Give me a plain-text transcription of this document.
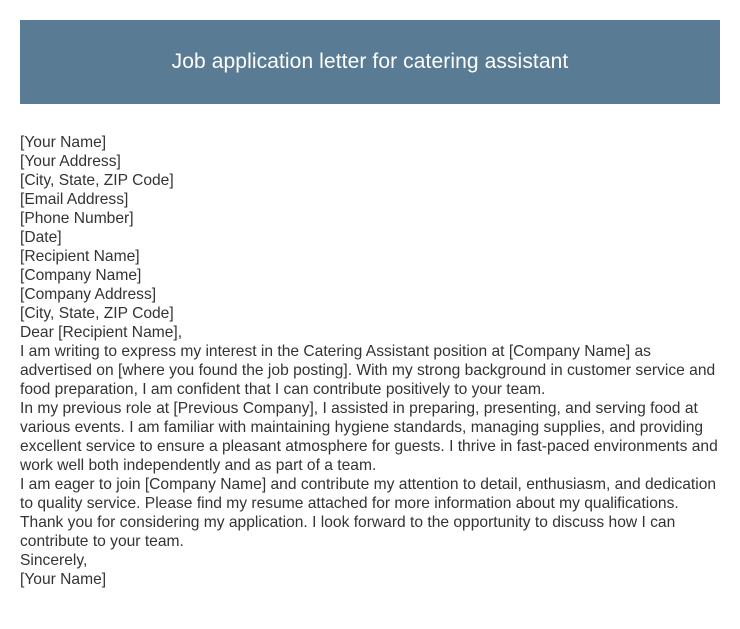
Job application letter for catering assistant
[Your Name]
[Your Address]
[City, State, ZIP Code]
[Email Address]
[Phone Number]
[Date]
[Recipient Name]
[Company Name]
[Company Address]
[City, State, ZIP Code]
Dear [Recipient Name],
I am writing to express my interest in the Catering Assistant position at [Company Name] as advertised on [where you found the job posting]. With my strong background in customer service and food preparation, I am confident that I can contribute positively to your team.
In my previous role at [Previous Company], I assisted in preparing, presenting, and serving food at various events. I am familiar with maintaining hygiene standards, managing supplies, and providing excellent service to ensure a pleasant atmosphere for guests. I thrive in fast-paced environments and work well both independently and as part of a team.
I am eager to join [Company Name] and contribute my attention to detail, enthusiasm, and dedication to quality service. Please find my resume attached for more information about my qualifications.
Thank you for considering my application. I look forward to the opportunity to discuss how I can contribute to your team.
Sincerely,
[Your Name]
